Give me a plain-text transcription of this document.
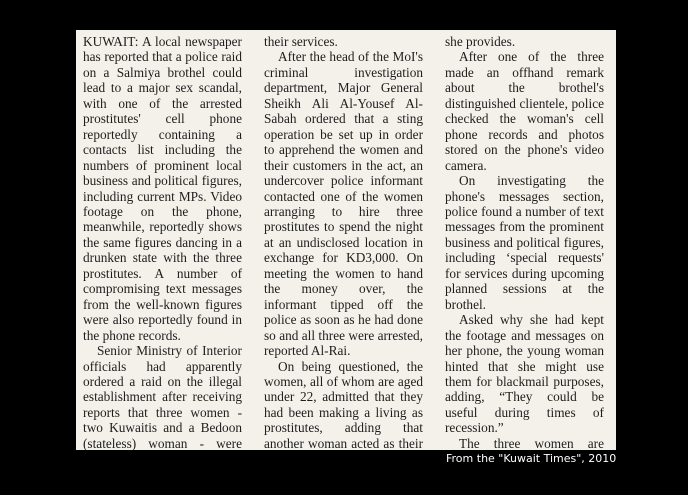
KUWAIT: A local newspaper has reported that a police raid on a Salmiya brothel could lead to a major sex scandal, with one of the arrested prostitutes' cell phone reportedly containing a contacts list including the numbers of prominent local business and political figures, including current MPs. Video footage on the phone, meanwhile, reportedly shows the same figures dancing in a drunken state with the three prostitutes. A number of compromising text messages from the well-known figures were also reportedly found in the phone records.

Senior Ministry of Interior officials had apparently ordered a raid on the illegal establishment after receiving reports that three women - two Kuwaitis and a Bedoon (stateless) woman - were

their services.

After the head of the MoI's criminal investigation department, Major General Sheikh Ali Al-Yousef Al-Sabah ordered that a sting operation be set up in order to apprehend the women and their customers in the act, an undercover police informant contacted one of the women arranging to hire three prostitutes to spend the night at an undisclosed location in exchange for KD3,000. On meeting the women to hand the money over, the informant tipped off the police as soon as he had done so and all three were arrested, reported Al-Rai.

On being questioned, the women, all of whom are aged under 22, admitted that they had been making a living as prostitutes, adding that another woman acted as their

she provides.

After one of the three made an offhand remark about the brothel's distinguished clientele, police checked the woman's cell phone records and photos stored on the phone's video camera.

On investigating the phone's messages section, police found a number of text messages from the prominent business and political figures, including ‘special requests' for services during upcoming planned sessions at the brothel.

Asked why she had kept the footage and messages on her phone, the young woman hinted that she might use them for blackmail purposes, adding, “They could be useful during times of recession.”

The three women are

From the "Kuwait Times", 2010
